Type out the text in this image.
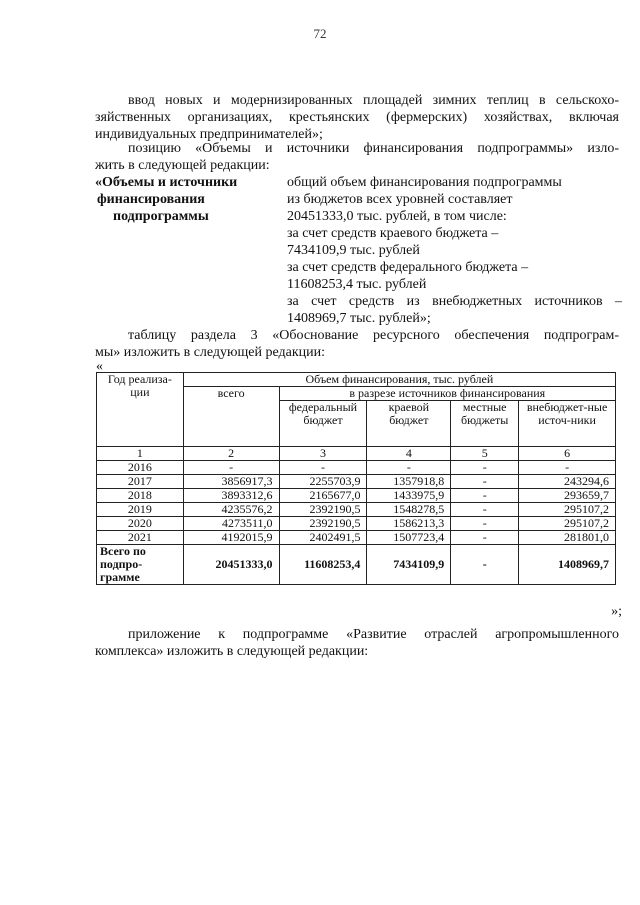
72
ввод новых и модернизированных площадей зимних теплиц в сельскохо-
зяйственных организациях, крестьянских (фермерских) хозяйствах, включая
индивидуальных предпринимателей»;
позицию «Объемы и источники финансирования подпрограммы» изло-
жить в следующей редакции:
«Объемы и источники
финансирования
подпрограммы
общий объем финансирования подпрограммы
из бюджетов всех уровней составляет
20451333,0 тыс. рублей, в том числе:
за счет средств краевого бюджета –
7434109,9 тыс. рублей
за счет средств федерального бюджета –
11608253,4 тыс. рублей
за счет средств из внебюджетных источников –
1408969,7 тыс. рублей»;
таблицу раздела 3 «Обоснование ресурсного обеспечения подпрограм-
мы» изложить в следующей редакции:
«
Год реализа-ции	Объем финансирования, тыс. рублей				
	всего	в разрезе источников финансирования			
		федеральный бюджет	краевой бюджет	местные бюджеты	внебюджет-ные источ-ники
1	2	3	4	5	6
2016	-	-	-	-	-
2017	3856917,3	2255703,9	1357918,8	-	243294,6
2018	3893312,6	2165677,0	1433975,9	-	293659,7
2019	4235576,2	2392190,5	1548278,5	-	295107,2
2020	4273511,0	2392190,5	1586213,3	-	295107,2
2021	4192015,9	2402491,5	1507723,4	-	281801,0
Всего по подпро-грамме	20451333,0	11608253,4	7434109,9	-	1408969,7
»;
приложение к подпрограмме «Развитие отраслей агропромышленного
комплекса» изложить в следующей редакции:
